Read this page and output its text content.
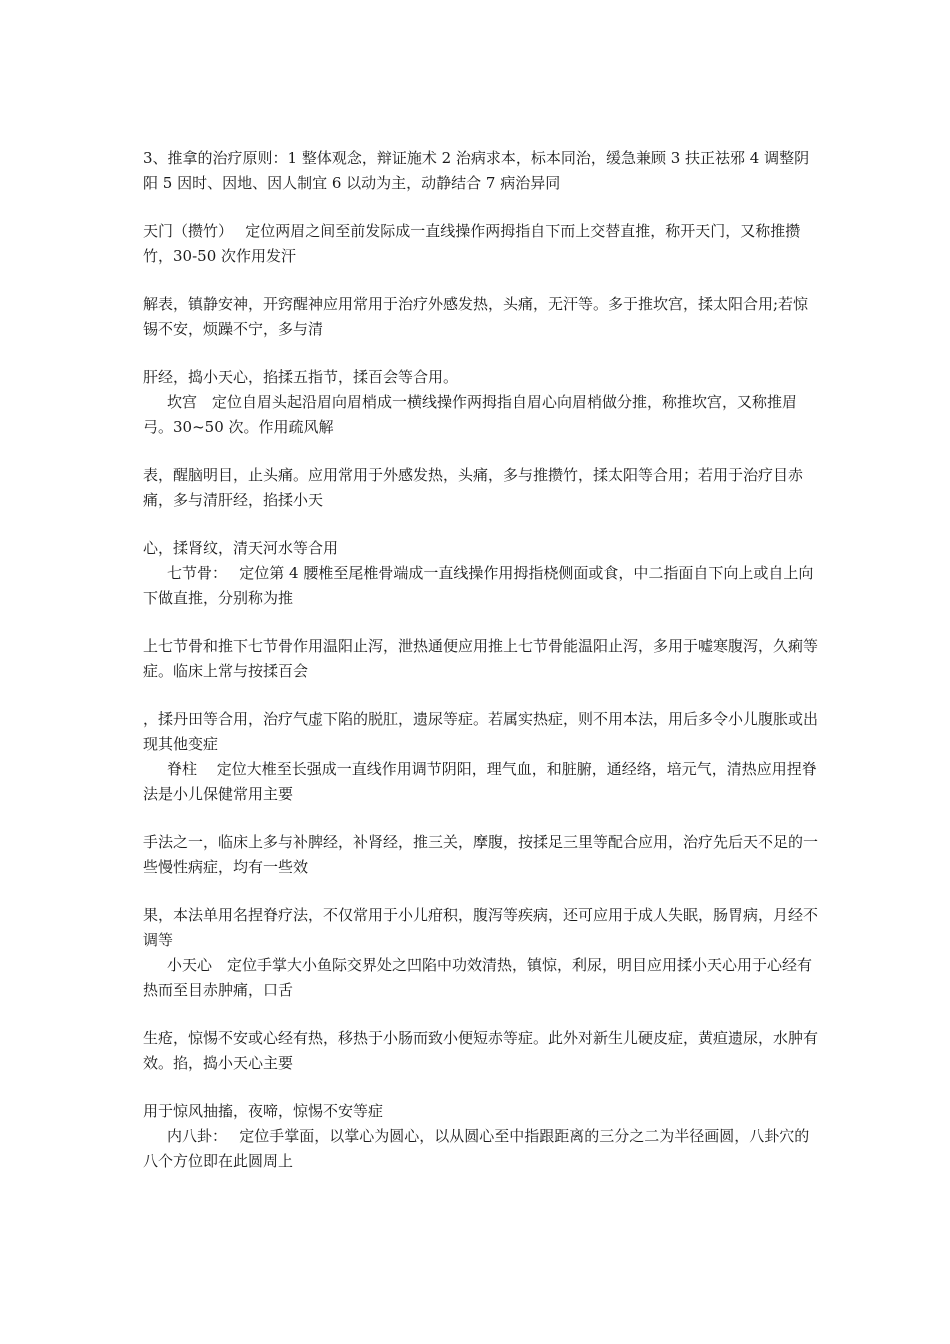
3、推拿的治疗原则：1 整体观念，辩证施术 2 治病求本，标本同治，缓急兼顾 3 扶正祛邪 4 调整阴阳 5 因时、因地、因人制宜 6 以动为主，动静结合 7 病治异同

天门（攒竹）　 定位两眉之间至前发际成一直线操作两拇指自下而上交替直推，称开天门，又称推攒竹，30-50 次作用发汗

解表，镇静安神，开窍醒神应用常用于治疗外感发热，头痛，无汗等。多于推坎宫，揉太阳合用;若惊锡不安，烦躁不宁，多与清

肝经，捣小天心，掐揉五指节，揉百会等合用。

坎宫　定位自眉头起沿眉向眉梢成一横线操作两拇指自眉心向眉梢做分推，称推坎宫，又称推眉弓。30~50 次。作用疏风解

表，醒脑明目，止头痛。应用常用于外感发热，头痛，多与推攒竹，揉太阳等合用；若用于治疗目赤痛，多与清肝经，掐揉小天

心，揉肾纹，清天河水等合用

七节骨：　 定位第 4 腰椎至尾椎骨端成一直线操作用拇指桡侧面或食，中二指面自下向上或自上向下做直推，分别称为推

上七节骨和推下七节骨作用温阳止泻，泄热通便应用推上七节骨能温阳止泻，多用于嘘寒腹泻，久痢等症。临床上常与按揉百会

，揉丹田等合用，治疗气虚下陷的脱肛，遗尿等症。若属实热症，则不用本法，用后多令小儿腹胀或出现其他变症

脊柱　 定位大椎至长强成一直线作用调节阴阳，理气血，和脏腑，通经络，培元气，清热应用捏脊法是小儿保健常用主要

手法之一，临床上多与补脾经，补肾经，推三关，摩腹，按揉足三里等配合应用，治疗先后天不足的一些慢性病症，均有一些效

果，本法单用名捏脊疗法，不仅常用于小儿疳积，腹泻等疾病，还可应用于成人失眠，肠胃病，月经不调等

小天心　定位手掌大小鱼际交界处之凹陷中功效清热，镇惊，利尿，明目应用揉小天心用于心经有热而至目赤肿痛，口舌

生疮，惊惕不安或心经有热，移热于小肠而致小便短赤等症。此外对新生儿硬皮症，黄疸遗尿，水肿有效。掐，捣小天心主要

用于惊风抽搐，夜啼，惊惕不安等症

内八卦：　 定位手掌面，以掌心为圆心，以从圆心至中指跟距离的三分之二为半径画圆，八卦穴的八个方位即在此圆周上
